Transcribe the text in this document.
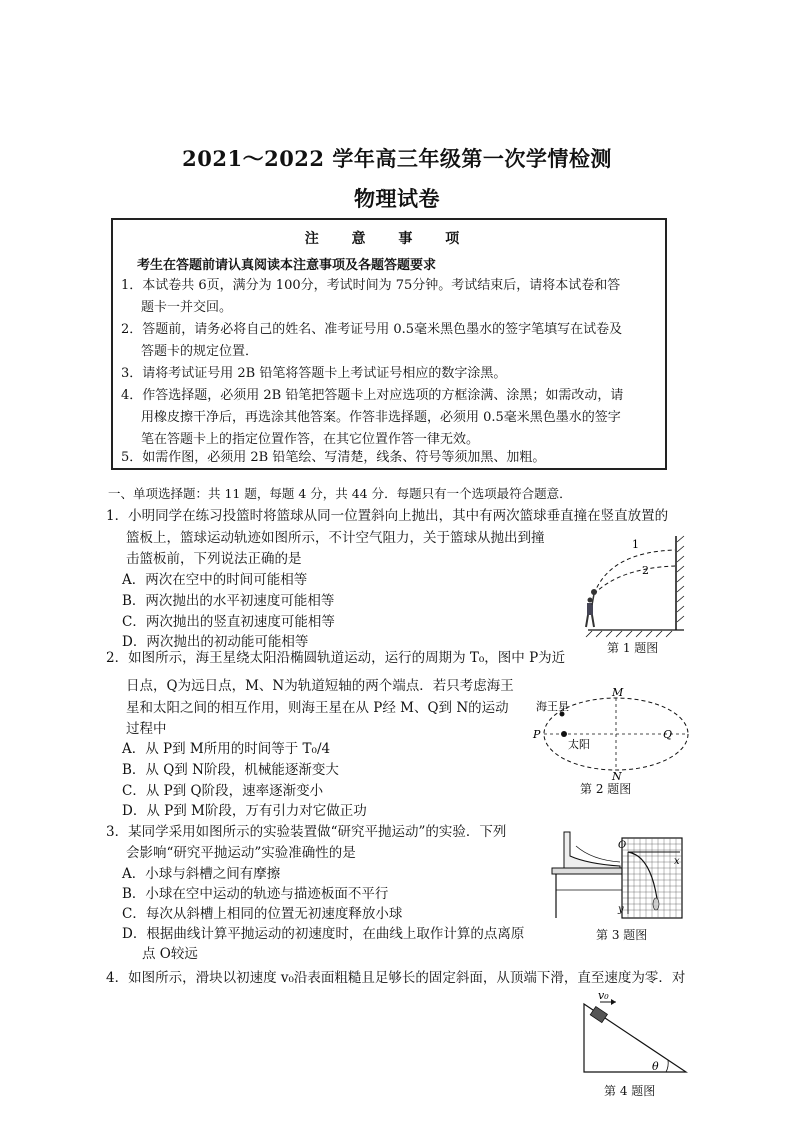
2021～2022 学年高三年级第一次学情检测
物理试卷
注 意 事 项
考生在答题前请认真阅读本注意事项及各题答题要求
1．本试卷共 6页，满分为 100分，考试时间为 75分钟。考试结束后，请将本试卷和答
题卡一并交回。
2．答题前，请务必将自己的姓名、准考证号用 0.5毫米黑色墨水的签字笔填写在试卷及
答题卡的规定位置．
3．请将考试证号用 2B 铅笔将答题卡上考试证号相应的数字涂黑。
4．作答选择题，必须用 2B 铅笔把答题卡上对应选项的方框涂满、涂黑；如需改动，请
用橡皮擦干净后，再选涂其他答案。作答非选择题，必须用 0.5毫米黑色墨水的签字
笔在答题卡上的指定位置作答，在其它位置作答一律无效。
5．如需作图，必须用 2B 铅笔绘、写清楚，线条、符号等须加黑、加粗。
一、单项选择题：共 11 题，每题 4 分，共 44 分．每题只有一个选项最符合题意．
1．小明同学在练习投篮时将篮球从同一位置斜向上抛出，其中有两次篮球垂直撞在竖直放置的
篮板上，篮球运动轨迹如图所示，不计空气阻力，关于篮球从抛出到撞
击篮板前，下列说法正确的是
A．两次在空中的时间可能相等
B．两次抛出的水平初速度可能相等
C．两次抛出的竖直初速度可能相等
D．两次抛出的初动能可能相等
1
2
第 1 题图
2．如图所示，海王星绕太阳沿椭圆轨道运动，运行的周期为 T₀，图中 P为近
日点，Q为远日点，M、N为轨道短轴的两个端点．若只考虑海王
星和太阳之间的相互作用，则海王星在从 P经 M、Q到 N的运动
过程中
A．从 P到 M所用的时间等于 T₀/4
B．从 Q到 N阶段，机械能逐渐变大
C．从 P到 Q阶段，速率逐渐变小
D．从 P到 M阶段，万有引力对它做正功
海王星
太阳
M
N
P	Q
第 2 题图
3．某同学采用如图所示的实验装置做“研究平抛运动”的实验．下列
会影响“研究平抛运动”实验准确性的是
A．小球与斜槽之间有摩擦
B．小球在空中运动的轨迹与描迹板面不平行
C．每次从斜槽上相同的位置无初速度释放小球
D．根据曲线计算平抛运动的初速度时，在曲线上取作计算的点离原
点 O较远
O
x
y
第 3 题图
4．如图所示，滑块以初速度 v₀沿表面粗糙且足够长的固定斜面，从顶端下滑，直至速度为零．对
v₀
θ
第 4 题图
